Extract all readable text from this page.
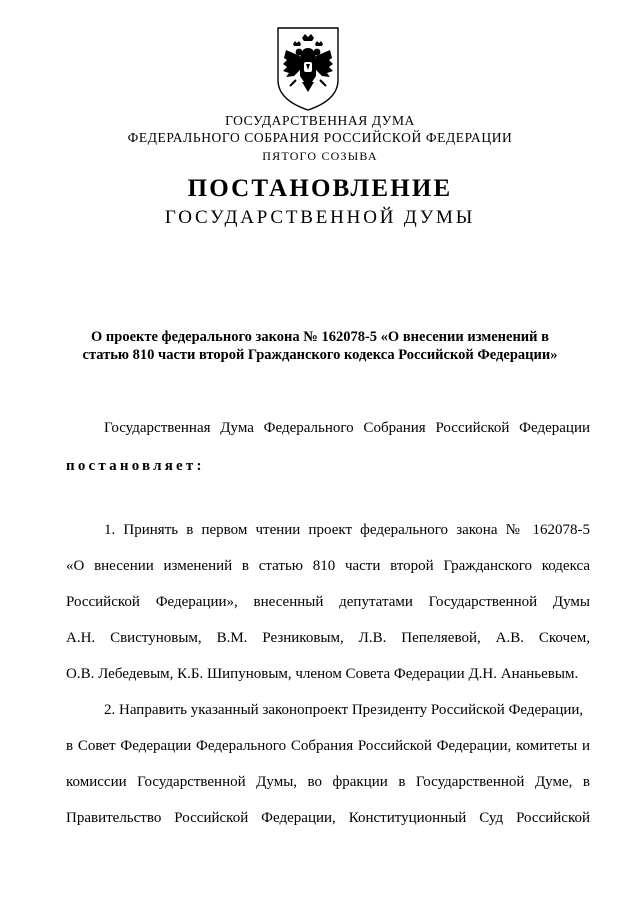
ГОСУДАРСТВЕННАЯ ДУМА
ФЕДЕРАЛЬНОГО СОБРАНИЯ РОССИЙСКОЙ ФЕДЕРАЦИИ
ПЯТОГО СОЗЫВА
ПОСТАНОВЛЕНИЕ
ГОСУДАРСТВЕННОЙ ДУМЫ
О проекте федерального закона № 162078-5 «О внесении изменений в
статью 810 части второй Гражданского кодекса Российской Федерации»
Государственная Дума Федерального Собрания Российской Федерации
постановляет:
1. Принять в первом чтении проект федерального закона № 162078-5
«О внесении изменений в статью 810 части второй Гражданского кодекса
Российской Федерации», внесенный депутатами Государственной Думы
А.Н. Свистуновым, В.М. Резниковым, Л.В. Пепеляевой, А.В. Скочем,
О.В. Лебедевым, К.Б. Шипуновым, членом Совета Федерации Д.Н. Ананьевым.
2. Направить указанный законопроект Президенту Российской Федерации,
в Совет Федерации Федерального Собрания Российской Федерации, комитеты и
комиссии Государственной Думы, во фракции в Государственной Думе, в
Правительство Российской Федерации, Конституционный Суд Российской
